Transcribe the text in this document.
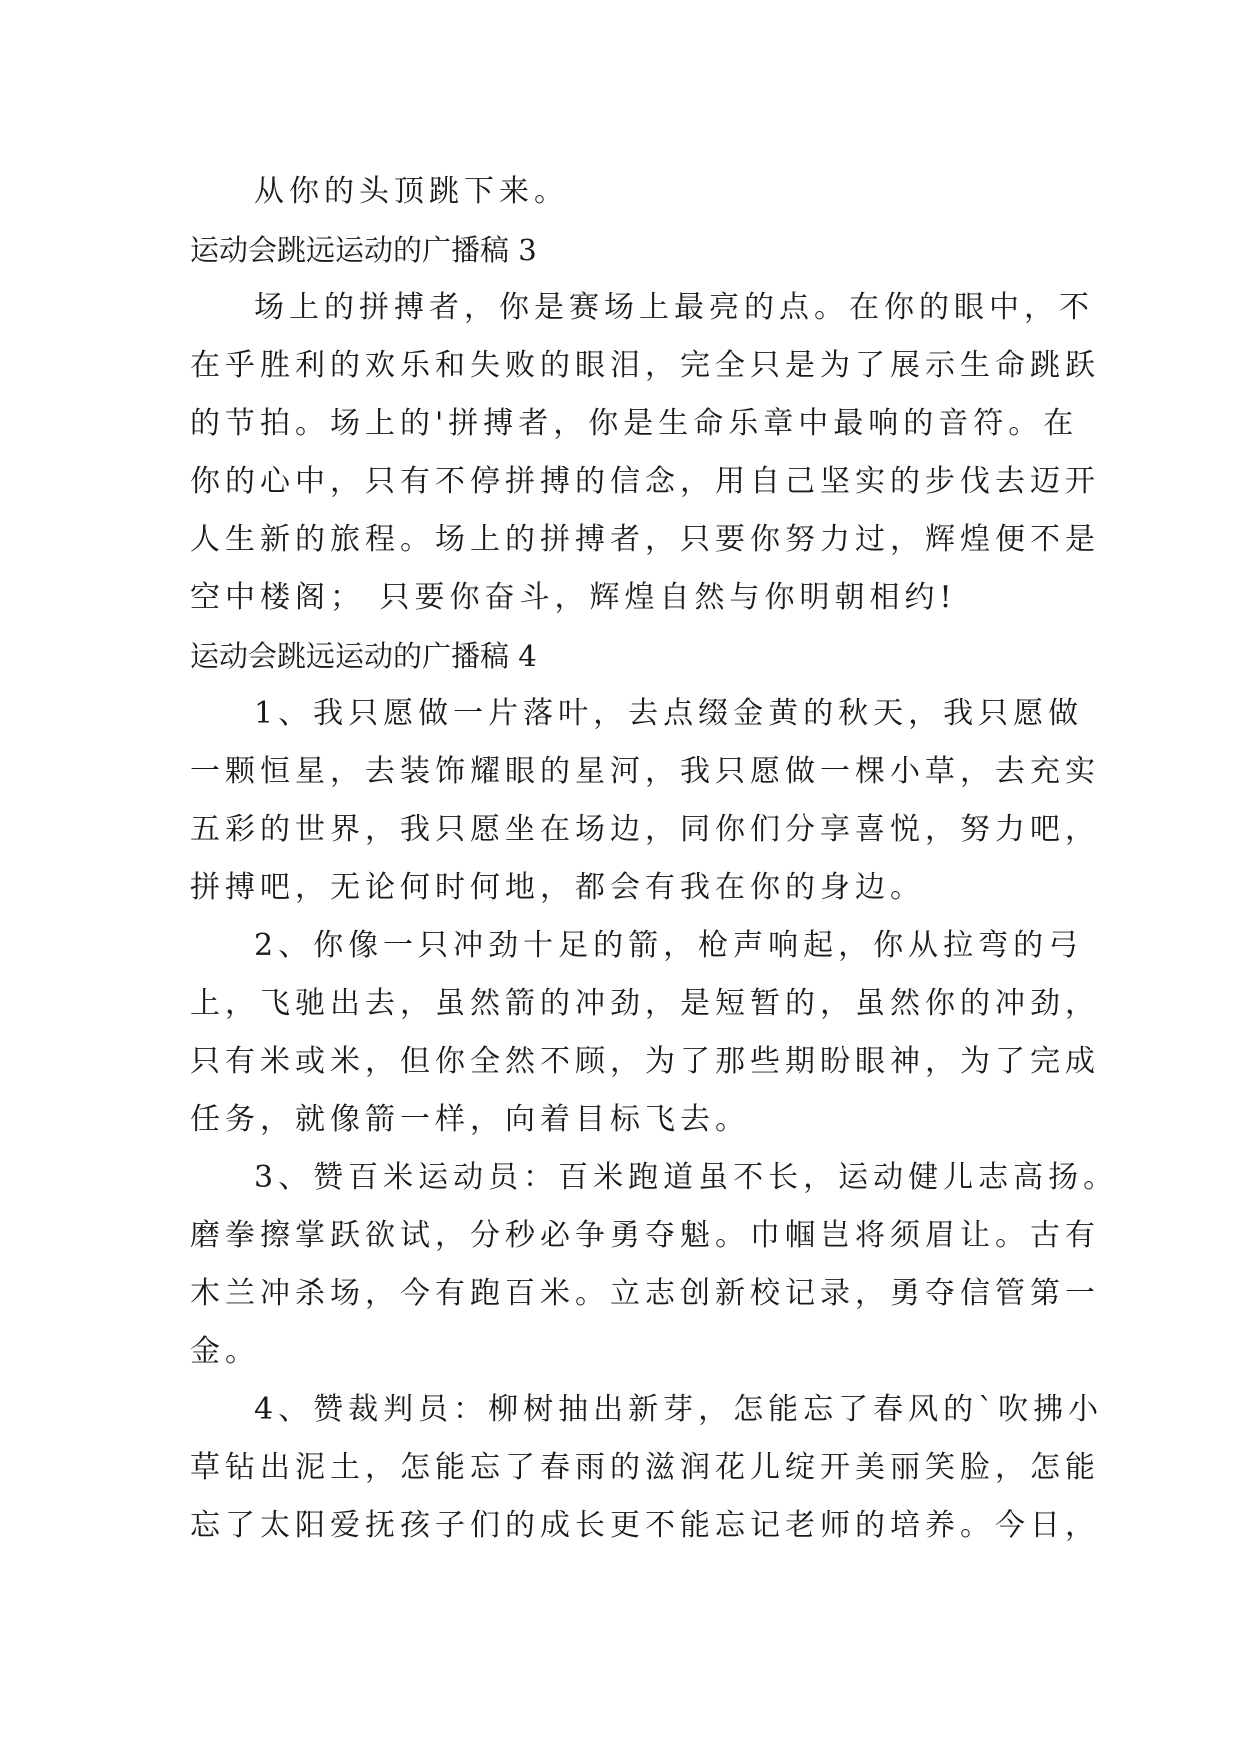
从你的头顶跳下来。
运动会跳远运动的广播稿 3
场上的拼搏者，你是赛场上最亮的点。在你的眼中，不
在乎胜利的欢乐和失败的眼泪，完全只是为了展示生命跳跃
的节拍。场上的'拼搏者，你是生命乐章中最响的音符。在
你的心中，只有不停拼搏的信念，用自己坚实的步伐去迈开
人生新的旅程。场上的拼搏者，只要你努力过，辉煌便不是
空中楼阁； 只要你奋斗，辉煌自然与你明朝相约!
运动会跳远运动的广播稿 4
1、我只愿做一片落叶，去点缀金黄的秋天，我只愿做
一颗恒星，去装饰耀眼的星河，我只愿做一棵小草，去充实
五彩的世界，我只愿坐在场边，同你们分享喜悦，努力吧，
拼搏吧，无论何时何地，都会有我在你的身边。
2、你像一只冲劲十足的箭，枪声响起，你从拉弯的弓
上，飞驰出去，虽然箭的冲劲，是短暂的，虽然你的冲劲，
只有米或米，但你全然不顾，为了那些期盼眼神，为了完成
任务，就像箭一样，向着目标飞去。
3、赞百米运动员：百米跑道虽不长，运动健儿志高扬。
磨拳擦掌跃欲试，分秒必争勇夺魁。巾帼岂将须眉让。古有
木兰冲杀场，今有跑百米。立志创新校记录，勇夺信管第一
金。
4、赞裁判员：柳树抽出新芽，怎能忘了春风的`吹拂小
草钻出泥土，怎能忘了春雨的滋润花儿绽开美丽笑脸，怎能
忘了太阳爱抚孩子们的成长更不能忘记老师的培养。今日，
